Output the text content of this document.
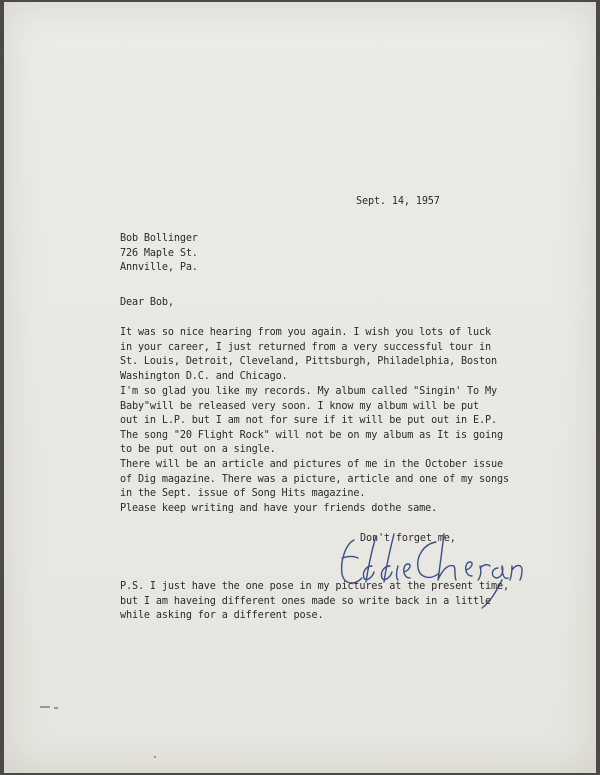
Sept. 14, 1957
Bob Bollinger
726 Maple St.
Annville, Pa.
Dear Bob,
It was so nice hearing from you again. I wish you lots of luck
in your career, I just returned from a very successful tour in
St. Louis, Detroit, Cleveland, Pittsburgh, Philadelphia, Boston
Washington D.C. and Chicago.
I'm so glad you like my records. My album called "Singin' To My
Baby"will be released very soon. I know my album will be put
out in L.P. but I am not for sure if it will be put out in E.P.
The song "20 Flight Rock" will not be on my album as It is going
to be put out on a single.
There will be an article and pictures of me in the October issue
of Dig magazine. There was a picture, article and one of my songs
in the Sept. issue of Song Hits magazine.
Please keep writing and have your friends dothe same.
Don't forget me,
P.S. I just have the one pose in my pictures at the present time,
but I am haveing different ones made so write back in a little
while asking for a different pose.
